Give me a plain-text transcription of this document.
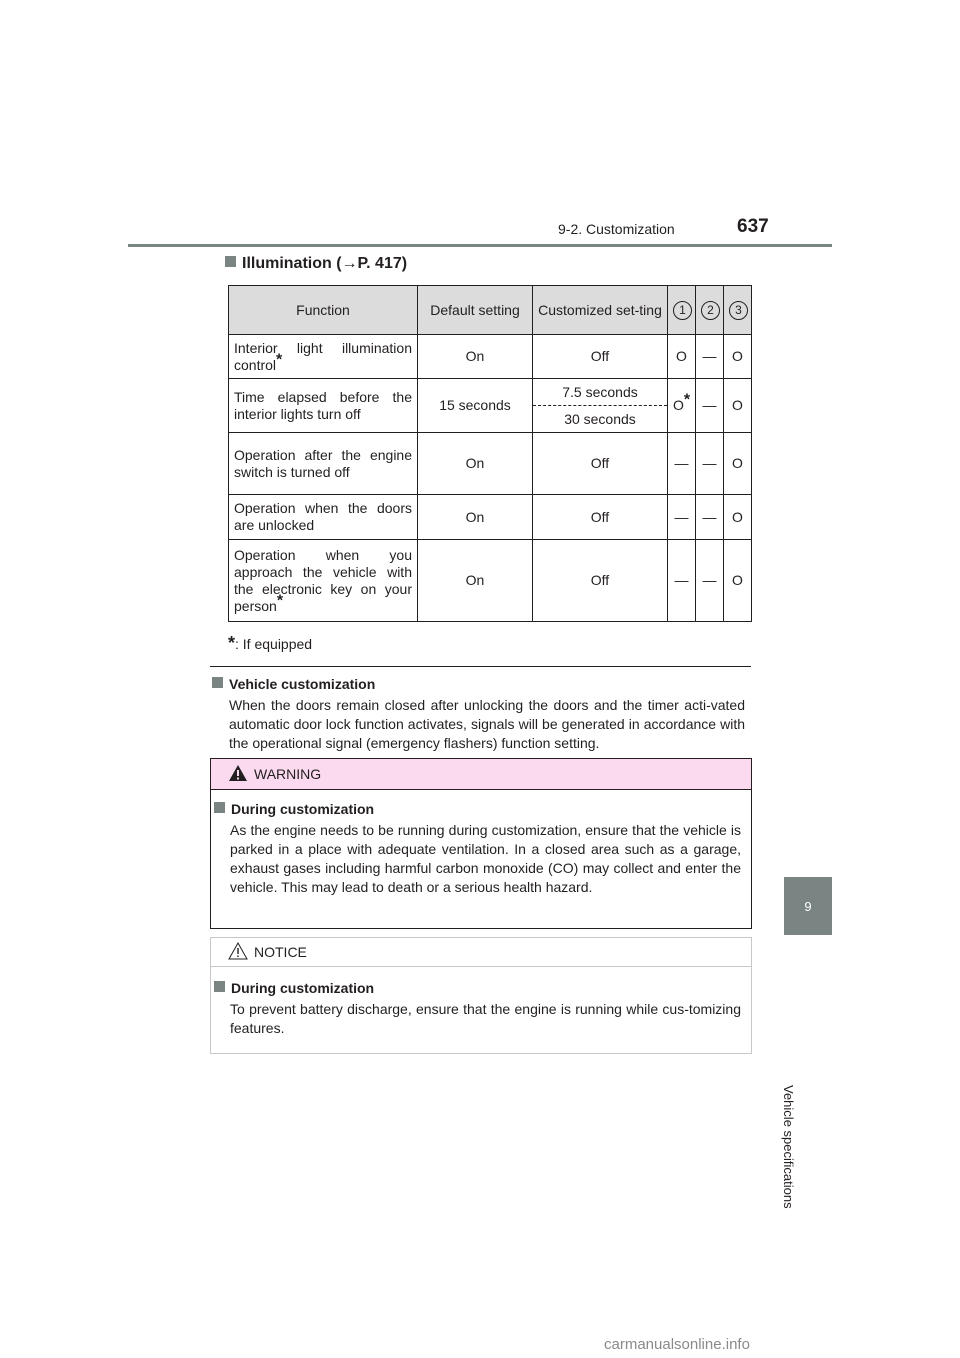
9-2. Customization	637
9
Vehicle specifications
Illumination (→P. 417)
Function	Default setting	Customized set-ting	1	2	3
Interior light illumination control*	On	Off	O	—	O
Time elapsed before the interior lights turn off	15 seconds	7.5 seconds	O*	—	O
		30 seconds			
Operation after the engine switch is turned off	On	Off	—	—	O
Operation when the doors are unlocked	On	Off	—	—	O
Operation when you approach the vehicle with the electronic key on your person*	On	Off	—	—	O
*: If equipped
Vehicle customization
When the doors remain closed after unlocking the doors and the timer acti-vated automatic door lock function activates, signals will be generated in accordance with the operational signal (emergency flashers) function setting.
WARNING
During customization
As the engine needs to be running during customization, ensure that the vehicle is parked in a place with adequate ventilation. In a closed area such as a garage, exhaust gases including harmful carbon monoxide (CO) may collect and enter the vehicle. This may lead to death or a serious health hazard.
NOTICE
During customization
To prevent battery discharge, ensure that the engine is running while cus-tomizing features.
carmanualsonline.info
